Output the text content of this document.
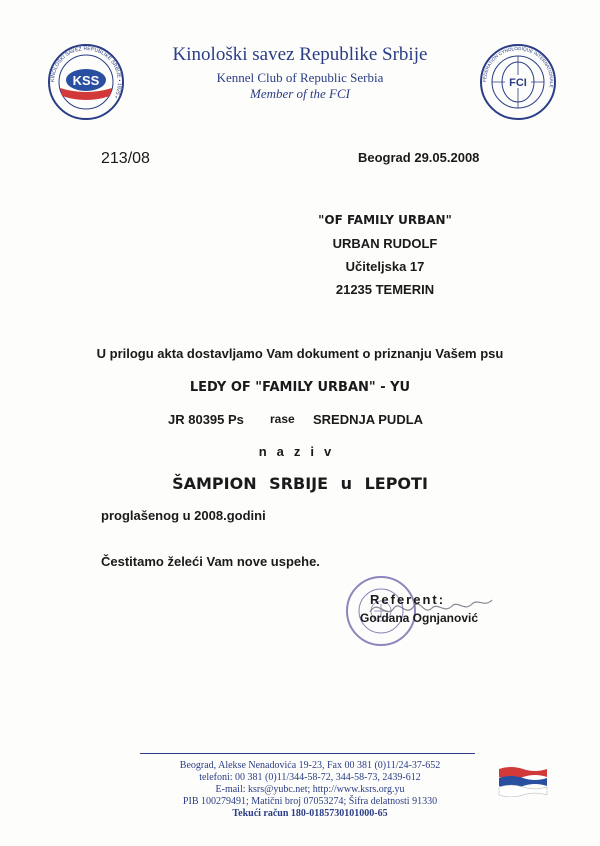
KSS
KINOLOŠKI SAVEZ REPUBLIKE SRBIJE • 1925 •
FCI
FEDERATION CYNOLOGIQUE INTERNATIONALE
Kinološki savez Republike Srbije
Kennel Club of Republic Serbia
Member of the FCI
213/08	Beograd 29.05.2008
"OF FAMILY URBAN"
URBAN RUDOLF
Učiteljska 17
21235 TEMERIN
U prilogu akta dostavljamo Vam dokument o priznanju Vašem psu
LEDY OF "FAMILY URBAN" - YU
JR 80395 Ps rase SREDNJA PUDLA
naziv
ŠAMPION SRBIJE u LEPOTI
proglašenog u 2008.godini
Čestitamo želeći Vam nove uspehe.
Referent:
Gordana Ognjanović
Beograd, Alekse Nenadovića 19-23, Fax 00 381 (0)11/24-37-652
telefoni: 00 381 (0)11/344-58-72, 344-58-73, 2439-612
E-mail: ksrs@yubc.net; http://www.ksrs.org.yu
PIB 100279491; Matični broj 07053274; Šifra delatnosti 91330
Tekući račun 180-0185730101000-65
